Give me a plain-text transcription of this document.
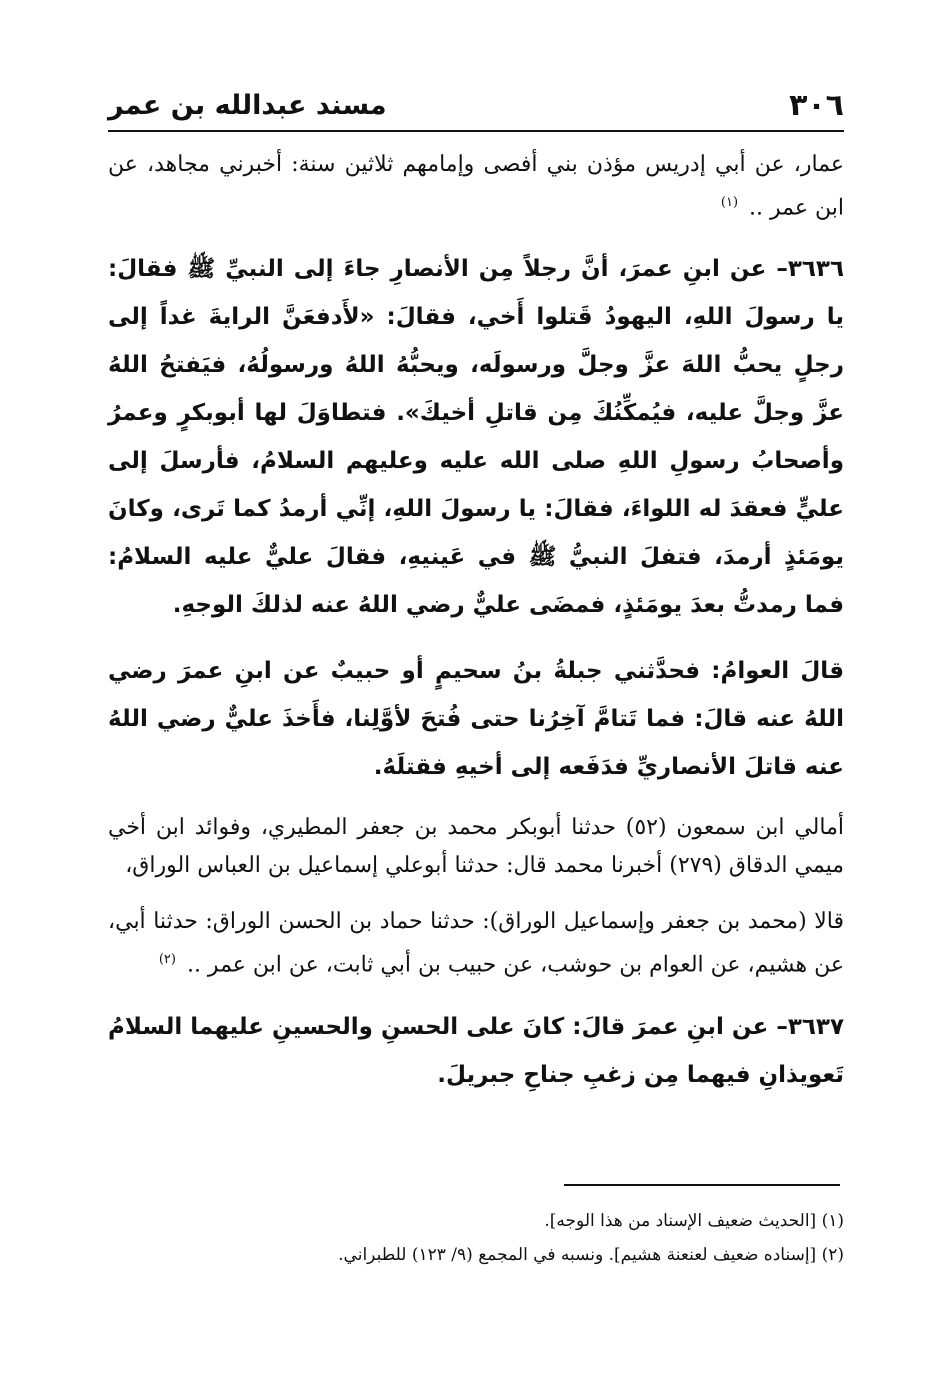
٣٠٦
مسند عبدالله بن عمر

عمار، عن أبي إدريس مؤذن بني أفصى وإمامهم ثلاثين سنة: أخبرني مجاهد، عن ابن عمر .. $^{(١)}$

٣٦٣٦– عن ابنِ عمرَ، أنَّ رجلاً مِن الأنصارِ جاءَ إلى النبيِّ ﷺ فقالَ: يا رسولَ اللهِ، اليهودُ قَتلوا أَخي، فقالَ: «لأَدفعَنَّ الرايةَ غداً إلى رجلٍ يحبُّ اللهَ عزَّ وجلَّ ورسولَه، ويحبُّهُ اللهُ ورسولُهُ، فيَفتحُ اللهُ عزَّ وجلَّ عليه، فيُمكِّنُكَ مِن قاتلِ أخيكَ». فتطاوَلَ لها أبوبكرٍ وعمرُ وأصحابُ رسولِ اللهِ صلى الله عليه وعليهم السلامُ، فأرسلَ إلى عليٍّ فعقدَ له اللواءَ، فقالَ: يا رسولَ اللهِ، إنِّي أرمدُ كما تَرى، وكانَ يومَئذٍ أرمدَ، فتفلَ النبيُّ ﷺ في عَينيهِ، فقالَ عليٌّ عليه السلامُ: فما رمدتُّ بعدَ يومَئذٍ، فمضَى عليٌّ رضي اللهُ عنه لذلكَ الوجهِ.

قالَ العوامُ: فحدَّثني جبلةُ بنُ سحيمٍ أو حبيبٌ عن ابنِ عمرَ رضي اللهُ عنه قالَ: فما تَتامَّ آخِرُنا حتى فُتحَ لأوَّلِنا، فأَخذَ عليٌّ رضي اللهُ عنه قاتلَ الأنصاريِّ فدَفَعه إلى أخيهِ فقتلَهُ.

أمالي ابن سمعون (٥٢) حدثنا أبوبكر محمد بن جعفر المطيري، وفوائد ابن أخي ميمي الدقاق (٢٧٩) أخبرنا محمد قال: حدثنا أبوعلي إسماعيل بن العباس الوراق،

قالا (محمد بن جعفر وإسماعيل الوراق): حدثنا حماد بن الحسن الوراق: حدثنا أبي، عن هشيم، عن العوام بن حوشب، عن حبيب بن أبي ثابت، عن ابن عمر .. $^{(٢)}$

٣٦٣٧– عن ابنِ عمرَ قالَ: كانَ على الحسنِ والحسينِ عليهما السلامُ تَعويذانِ فيهما مِن زغبِ جناحِ جبريلَ.

(١) [الحديث ضعيف الإسناد من هذا الوجه].

(٢) [إسناده ضعيف لعنعنة هشيم]. ونسبه في المجمع (٩/ ١٢٣) للطبراني.
